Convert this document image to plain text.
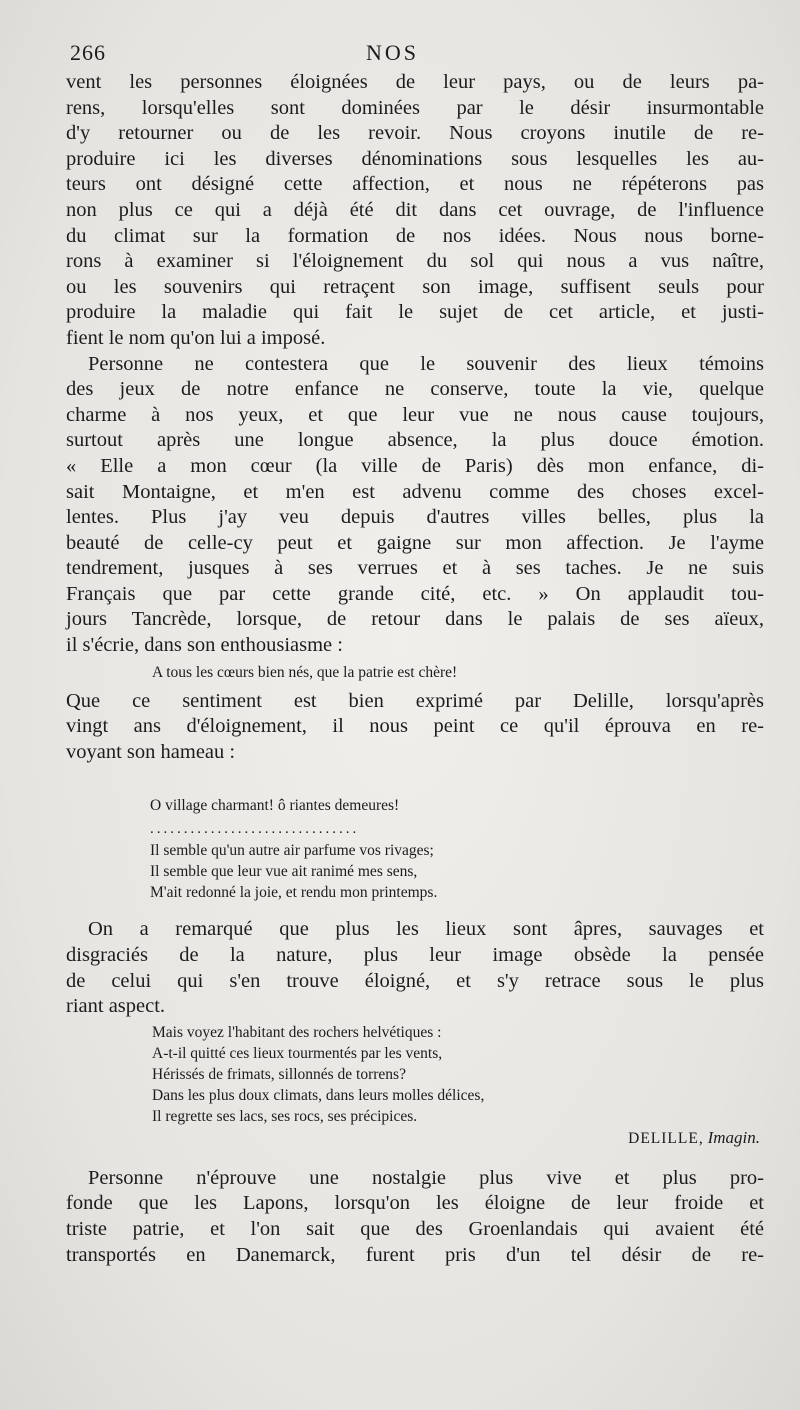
266	NOS

vent les personnes éloignées de leur pays, ou de leurs pa-

rens, lorsqu'elles sont dominées par le désir insurmontable

d'y retourner ou de les revoir. Nous croyons inutile de re-

produire ici les diverses dénominations sous lesquelles les au-

teurs ont désigné cette affection, et nous ne répéterons pas

non plus ce qui a déjà été dit dans cet ouvrage, de l'influence

du climat sur la formation de nos idées. Nous nous borne-

rons à examiner si l'éloignement du sol qui nous a vus naître,

ou les souvenirs qui retraçent son image, suffisent seuls pour

produire la maladie qui fait le sujet de cet article, et justi-

fient le nom qu'on lui a imposé.

Personne ne contestera que le souvenir des lieux témoins

des jeux de notre enfance ne conserve, toute la vie, quelque

charme à nos yeux, et que leur vue ne nous cause toujours,

surtout après une longue absence, la plus douce émotion.

« Elle a mon cœur (la ville de Paris) dès mon enfance, di-

sait Montaigne, et m'en est advenu comme des choses excel-

lentes. Plus j'ay veu depuis d'autres villes belles, plus la

beauté de celle-cy peut et gaigne sur mon affection. Je l'ayme

tendrement, jusques à ses verrues et à ses taches. Je ne suis

Français que par cette grande cité, etc. » On applaudit tou-

jours Tancrède, lorsque, de retour dans le palais de ses aïeux,

il s'écrie, dans son enthousiasme :

A tous les cœurs bien nés, que la patrie est chère!

Que ce sentiment est bien exprimé par Delille, lorsqu'après

vingt ans d'éloignement, il nous peint ce qu'il éprouva en re-

voyant son hameau :

O village charmant! ô riantes demeures!

...............................

Il semble qu'un autre air parfume vos rivages;

Il semble que leur vue ait ranimé mes sens,

M'ait redonné la joie, et rendu mon printemps.

On a remarqué que plus les lieux sont âpres, sauvages et

disgraciés de la nature, plus leur image obsède la pensée

de celui qui s'en trouve éloigné, et s'y retrace sous le plus

riant aspect.

Mais voyez l'habitant des rochers helvétiques :

A-t-il quitté ces lieux tourmentés par les vents,

Hérissés de frimats, sillonnés de torrens?

Dans les plus doux climats, dans leurs molles délices,

Il regrette ses lacs, ses rocs, ses précipices.

DELILLE, Imagin.

Personne n'éprouve une nostalgie plus vive et plus pro-

fonde que les Lapons, lorsqu'on les éloigne de leur froide et

triste patrie, et l'on sait que des Groenlandais qui avaient été

transportés en Danemarck, furent pris d'un tel désir de re-
